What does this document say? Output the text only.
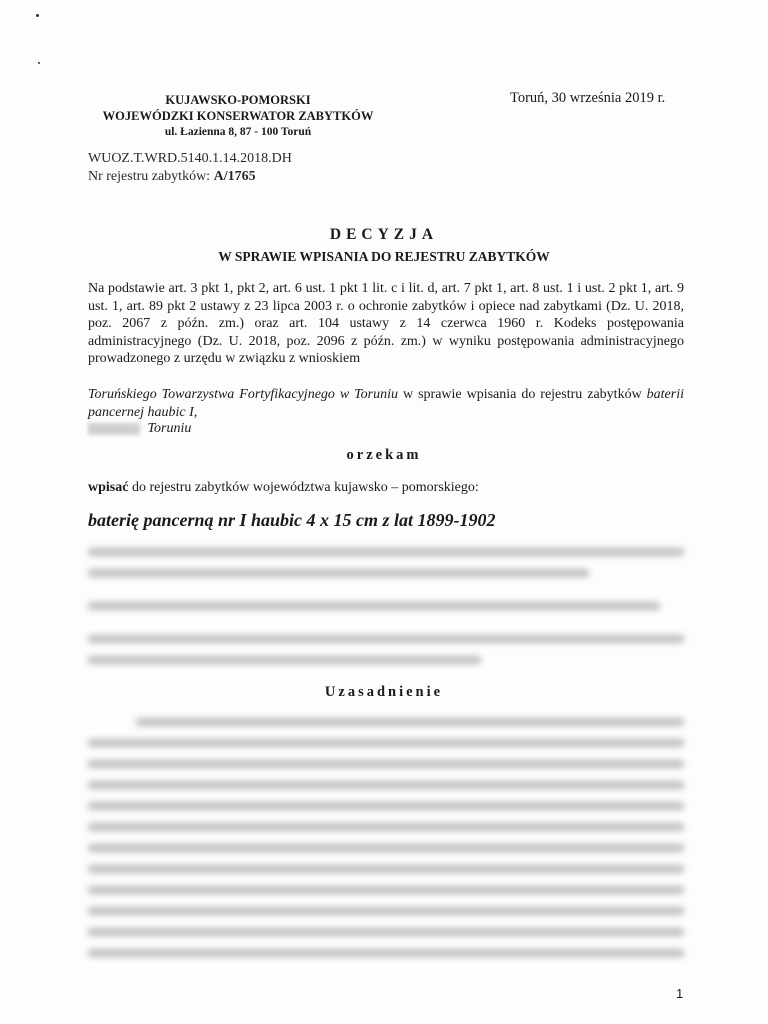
KUJAWSKO-POMORSKI
WOJEWÓDZKI KONSERWATOR ZABYTKÓW
ul. Łazienna 8, 87 - 100 Toruń
Toruń, 30 września 2019 r.
WUOZ.T.WRD.5140.1.14.2018.DH
Nr rejestru zabytków: A/1765
DECYZJA
W SPRAWIE WPISANIA DO REJESTRU ZABYTKÓW
Na podstawie art. 3 pkt 1, pkt 2, art. 6 ust. 1 pkt 1 lit. c i lit. d, art. 7 pkt 1, art. 8 ust. 1 i ust. 2 pkt 1, art. 9 ust. 1, art. 89 pkt 2 ustawy z 23 lipca 2003 r. o ochronie zabytków i opiece nad zabytkami (Dz. U. 2018, poz. 2067 z późn. zm.) oraz art. 104 ustawy z 14 czerwca 1960 r. Kodeks postępowania administracyjnego (Dz. U. 2018, poz. 2096 z późn. zm.) w wyniku postępowania administracyjnego prowadzonego z urzędu w związku z wnioskiem
Toruńskiego Towarzystwa Fortyfikacyjnego w Toruniu w sprawie wpisania do rejestru zabytków baterii pancernej haubic I,
Toruniu
orzekam
wpisać do rejestru zabytków województwa kujawsko – pomorskiego:
baterię pancerną nr I haubic 4 x 15 cm z lat 1899-1902
Uzasadnienie
1
